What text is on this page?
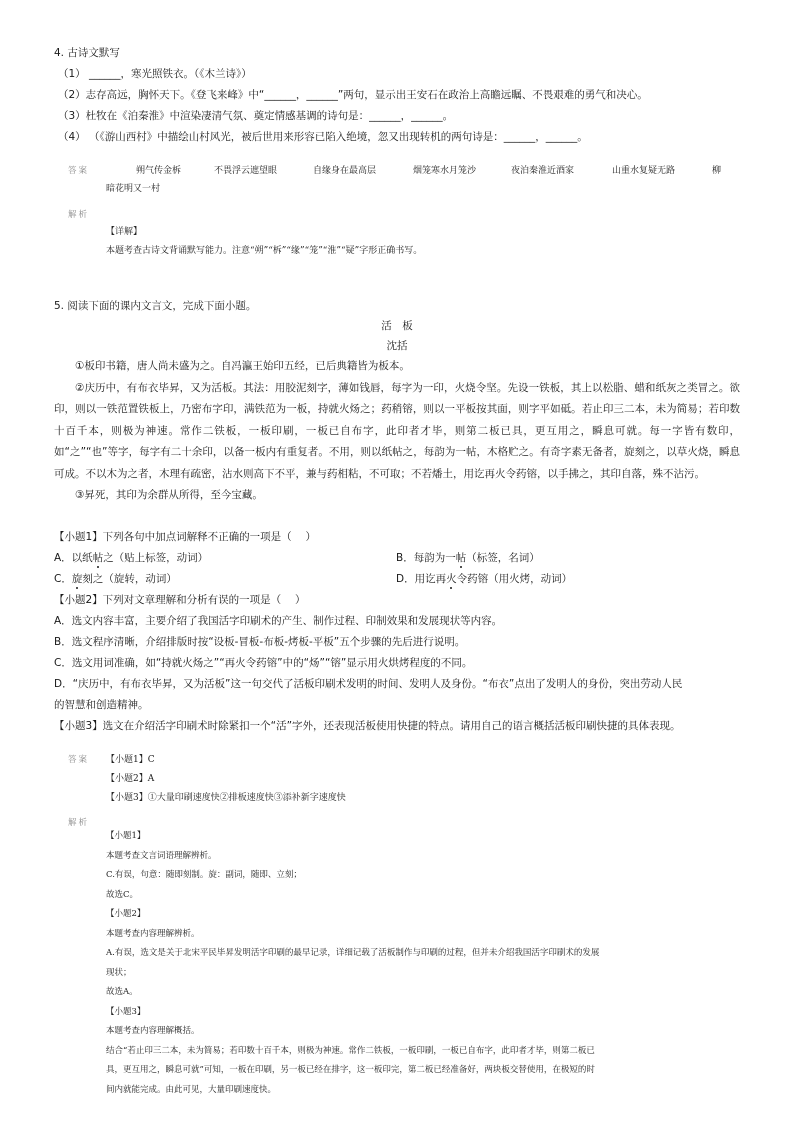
4. 古诗文默写
（1） ______，寒光照铁衣。（《木兰诗》）
（2）志存高远，胸怀天下。《登飞来峰》中“______，______”两句，显示出王安石在政治上高瞻远瞩、不畏艰难的勇气和决心。
（3）杜牧在《泊秦淮》中渲染凄清气氛、奠定情感基调的诗句是：______，______。
（4） （《游山西村》中描绘山村风光，被后世用来形容已陷入绝境，忽又出现转机的两句诗是：______，______。
答案	朔气传金柝	不畏浮云遮望眼	自缘身在最高层	烟笼寒水月笼沙	夜泊秦淮近酒家	山重水复疑无路	柳
暗花明又一村
解析
【详解】
本题考查古诗文背诵默写能力。注意“朔”“柝”“缘”“笼”“淮”“疑”字形正确书写。
5. 阅读下面的课内文言文，完成下面小题。
活　板
沈括

①板印书籍，唐人尚未盛为之。自冯瀛王始印五经，已后典籍皆为板本。

②庆历中，有布衣毕昇，又为活板。其法：用胶泥刻字，薄如钱唇，每字为一印，火烧令坚。先设一铁板，其上以松脂、蜡和纸灰之类冒之。欲印，则以一铁范置铁板上，乃密布字印，满铁范为一板，持就火炀之；药稍镕，则以一平板按其面，则字平如砥。若止印三二本，未为简易；若印数十百千本，则极为神速。常作二铁板，一板印刷，一板已自布字，此印者才毕，则第二板已具，更互用之，瞬息可就。每一字皆有数印，如“之”“也”等字，每字有二十余印，以备一板内有重复者。不用，则以纸帖之，每韵为一帖，木格贮之。有奇字素无备者，旋刻之，以草火烧，瞬息可成。不以木为之者，木理有疏密，沾水则高下不平，兼与药相粘，不可取；不若燔土，用讫再火令药镕，以手拂之，其印自落，殊不沾污。

③昇死，其印为余群从所得，至今宝藏。

【小题1】下列各句中加点词解释不正确的一项是（　 ）
A．以纸帖之（贴上标签，动词）	B．每韵为一帖（标签，名词）
C．旋刻之（旋转，动词）	D．用讫再火令药镕（用火烤，动词）
【小题2】下列对文章理解和分析有误的一项是（　 ）
A．选文内容丰富，主要介绍了我国活字印刷术的产生、制作过程、印制效果和发展现状等内容。
B．选文程序清晰，介绍排版时按“设板-冒板-布板-烤板-平板”五个步骤的先后进行说明。
C．选文用词准确，如“持就火炀之”“再火令药镕”中的“炀”“镕”显示用火烘烤程度的不同。
D．“庆历中，有布衣毕昇，又为活板”这一句交代了活板印刷术发明的时间、发明人及身份。“布衣”点出了发明人的身份，突出劳动人民
的智慧和创造精神。
【小题3】选文在介绍活字印刷术时除紧扣一个“活”字外，还表现活板使用快捷的特点。请用自己的语言概括活板印刷快捷的具体表现。
答案 【小题1】C
【小题2】A
【小题3】①大量印刷速度快②排板速度快③添补新字速度快
解析
【小题1】
本题考查文言词语理解辨析。
C.有误，句意：随即刻制。旋：副词，随即、立刻；
故选C。
【小题2】
本题考查内容理解辨析。
A.有误，选文是关于北宋平民毕昇发明活字印刷的最早记录，详细记载了活板制作与印刷的过程，但并未介绍我国活字印刷术的发展
现状；
故选A。
【小题3】
本题考查内容理解概括。
结合“若止印三二本，未为简易；若印数十百千本，则极为神速。常作二铁板，一板印刷，一板已自布字，此印者才毕，则第二板已
具，更互用之，瞬息可就”可知，一板在印刷，另一板已经在排字，这一板印完，第二板已经准备好，两块板交替使用，在极短的时
间内就能完成。由此可见，大量印刷速度快。
